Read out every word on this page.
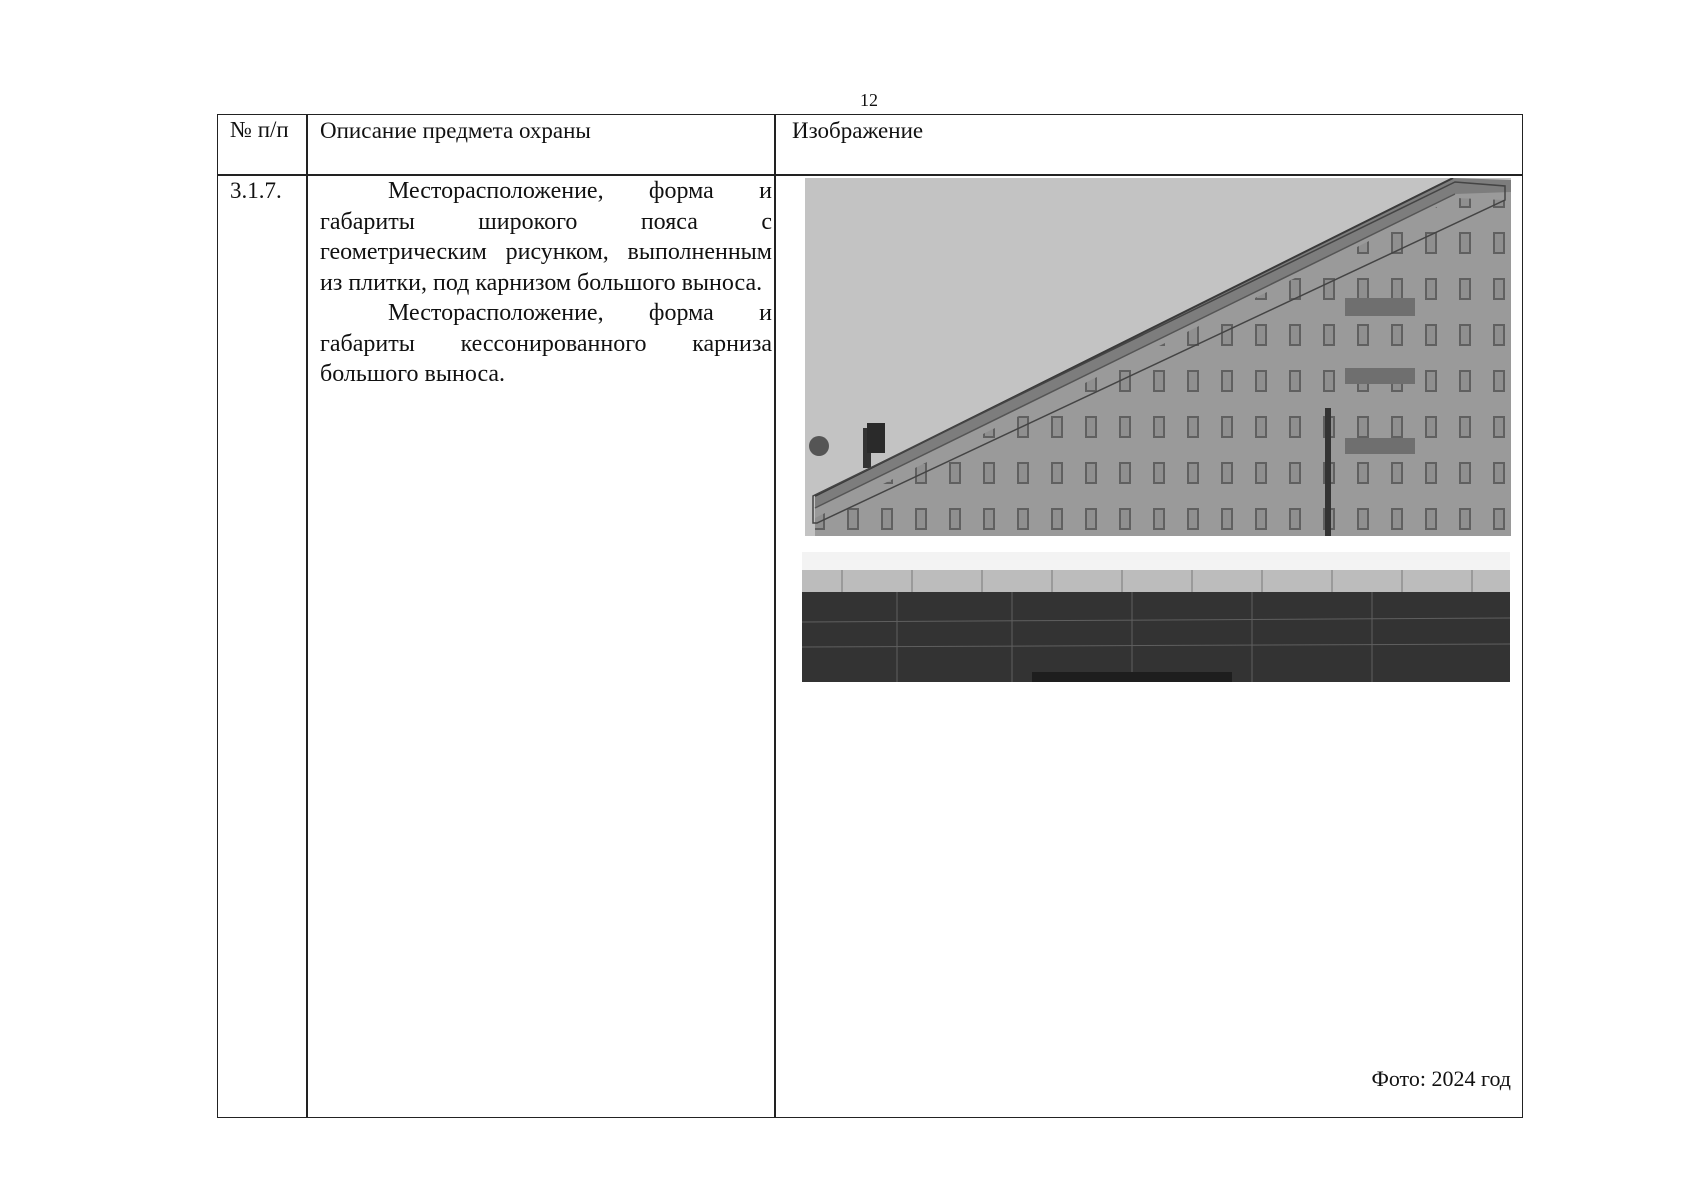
12
№ п/п	Описание предмета охраны	Изображение
3.1.7.	Месторасположение, форма и габариты широкого пояса с геометрическим рисунком, выполненным из плитки, под карнизом большого выноса.

Месторасположение, форма и габариты кессонированного карниза большого выноса.

Фото: 2024 год
